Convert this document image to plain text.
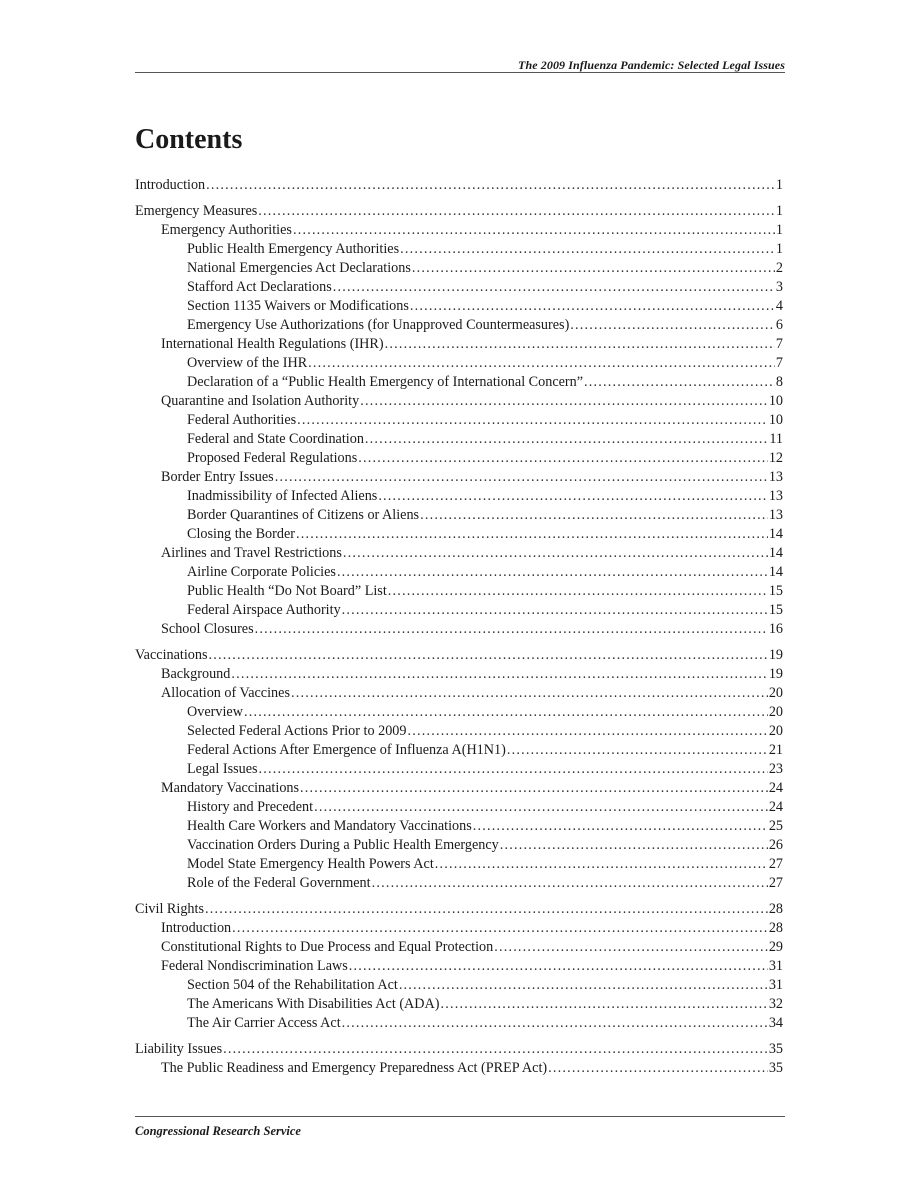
The 2009 Influenza Pandemic: Selected Legal Issues
Contents
Introduction .....	1
Emergency Measures .....	1
Emergency Authorities .....	1
Public Health Emergency Authorities .....	1
National Emergencies Act Declarations .....	2
Stafford Act Declarations .....	3
Section 1135 Waivers or Modifications .....	4
Emergency Use Authorizations (for Unapproved Countermeasures) .....	6
International Health Regulations (IHR) .....	7
Overview of the IHR .....	7
Declaration of a “Public Health Emergency of International Concern” .....	8
Quarantine and Isolation Authority .....	10
Federal Authorities .....	10
Federal and State Coordination .....	11
Proposed Federal Regulations .....	12
Border Entry Issues .....	13
Inadmissibility of Infected Aliens .....	13
Border Quarantines of Citizens or Aliens .....	13
Closing the Border .....	14
Airlines and Travel Restrictions .....	14
Airline Corporate Policies .....	14
Public Health “Do Not Board” List .....	15
Federal Airspace Authority .....	15
School Closures .....	16
Vaccinations .....	19
Background .....	19
Allocation of Vaccines .....	20
Overview .....	20
Selected Federal Actions Prior to 2009 .....	20
Federal Actions After Emergence of Influenza A(H1N1) .....	21
Legal Issues .....	23
Mandatory Vaccinations .....	24
History and Precedent .....	24
Health Care Workers and Mandatory Vaccinations .....	25
Vaccination Orders During a Public Health Emergency .....	26
Model State Emergency Health Powers Act .....	27
Role of the Federal Government .....	27
Civil Rights .....	28
Introduction .....	28
Constitutional Rights to Due Process and Equal Protection .....	29
Federal Nondiscrimination Laws .....	31
Section 504 of the Rehabilitation Act .....	31
The Americans With Disabilities Act (ADA) .....	32
The Air Carrier Access Act .....	34
Liability Issues .....	35
The Public Readiness and Emergency Preparedness Act (PREP Act) .....	35
Congressional Research Service
